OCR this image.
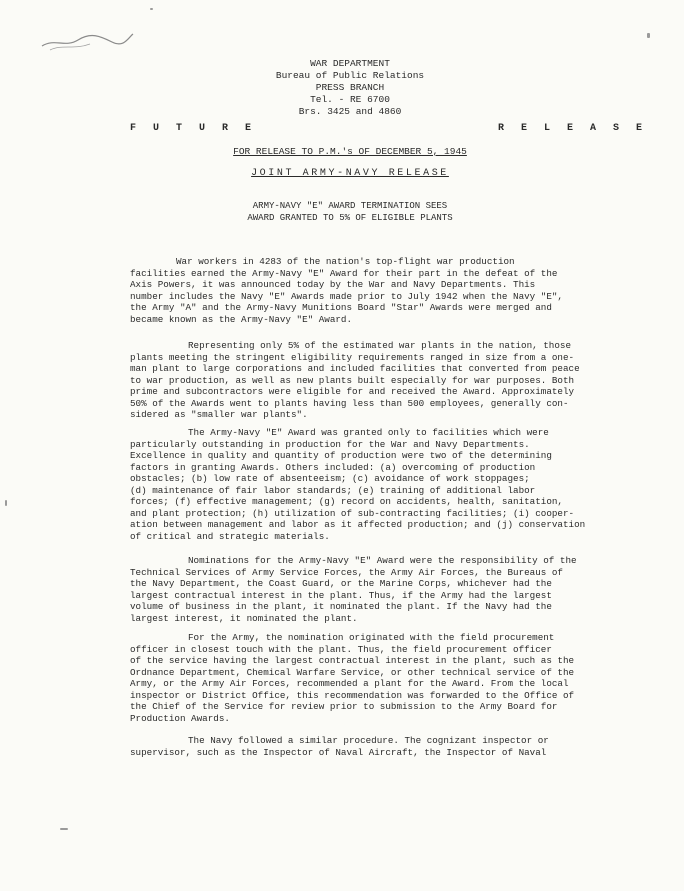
WAR DEPARTMENT
Bureau of Public Relations
PRESS BRANCH
Tel. - RE 6700
Brs. 3425 and 4860
F U T U R E	R E L E A S E
FOR RELEASE TO P.M.'s OF DECEMBER 5, 1945
JOINT ARMY-NAVY RELEASE
ARMY-NAVY "E" AWARD TERMINATION SEES
AWARD GRANTED TO 5% OF ELIGIBLE PLANTS
War workers in 4283 of the nation's top-flight war production
facilities earned the Army-Navy "E" Award for their part in the defeat of the
Axis Powers, it was announced today by the War and Navy Departments. This
number includes the Navy "E" Awards made prior to July 1942 when the Navy "E",
the Army "A" and the Army-Navy Munitions Board "Star" Awards were merged and
became known as the Army-Navy "E" Award.
Representing only 5% of the estimated war plants in the nation, those
plants meeting the stringent eligibility requirements ranged in size from a one-
man plant to large corporations and included facilities that converted from peace
to war production, as well as new plants built especially for war purposes. Both
prime and subcontractors were eligible for and received the Award. Approximately
50% of the Awards went to plants having less than 500 employees, generally con-
sidered as "smaller war plants".
The Army-Navy "E" Award was granted only to facilities which were
particularly outstanding in production for the War and Navy Departments.
Excellence in quality and quantity of production were two of the determining
factors in granting Awards. Others included: (a) overcoming of production
obstacles; (b) low rate of absenteeism; (c) avoidance of work stoppages;
(d) maintenance of fair labor standards; (e) training of additional labor
forces; (f) effective management; (g) record on accidents, health, sanitation,
and plant protection; (h) utilization of sub-contracting facilities; (i) cooper-
ation between management and labor as it affected production; and (j) conservation
of critical and strategic materials.
Nominations for the Army-Navy "E" Award were the responsibility of the
Technical Services of Army Service Forces, the Army Air Forces, the Bureaus of
the Navy Department, the Coast Guard, or the Marine Corps, whichever had the
largest contractual interest in the plant. Thus, if the Army had the largest
volume of business in the plant, it nominated the plant. If the Navy had the
largest interest, it nominated the plant.
For the Army, the nomination originated with the field procurement
officer in closest touch with the plant. Thus, the field procurement officer
of the service having the largest contractual interest in the plant, such as the
Ordnance Department, Chemical Warfare Service, or other technical service of the
Army, or the Army Air Forces, recommended a plant for the Award. From the local
inspector or District Office, this recommendation was forwarded to the Office of
the Chief of the Service for review prior to submission to the Army Board for
Production Awards.
The Navy followed a similar procedure. The cognizant inspector or
supervisor, such as the Inspector of Naval Aircraft, the Inspector of Naval
